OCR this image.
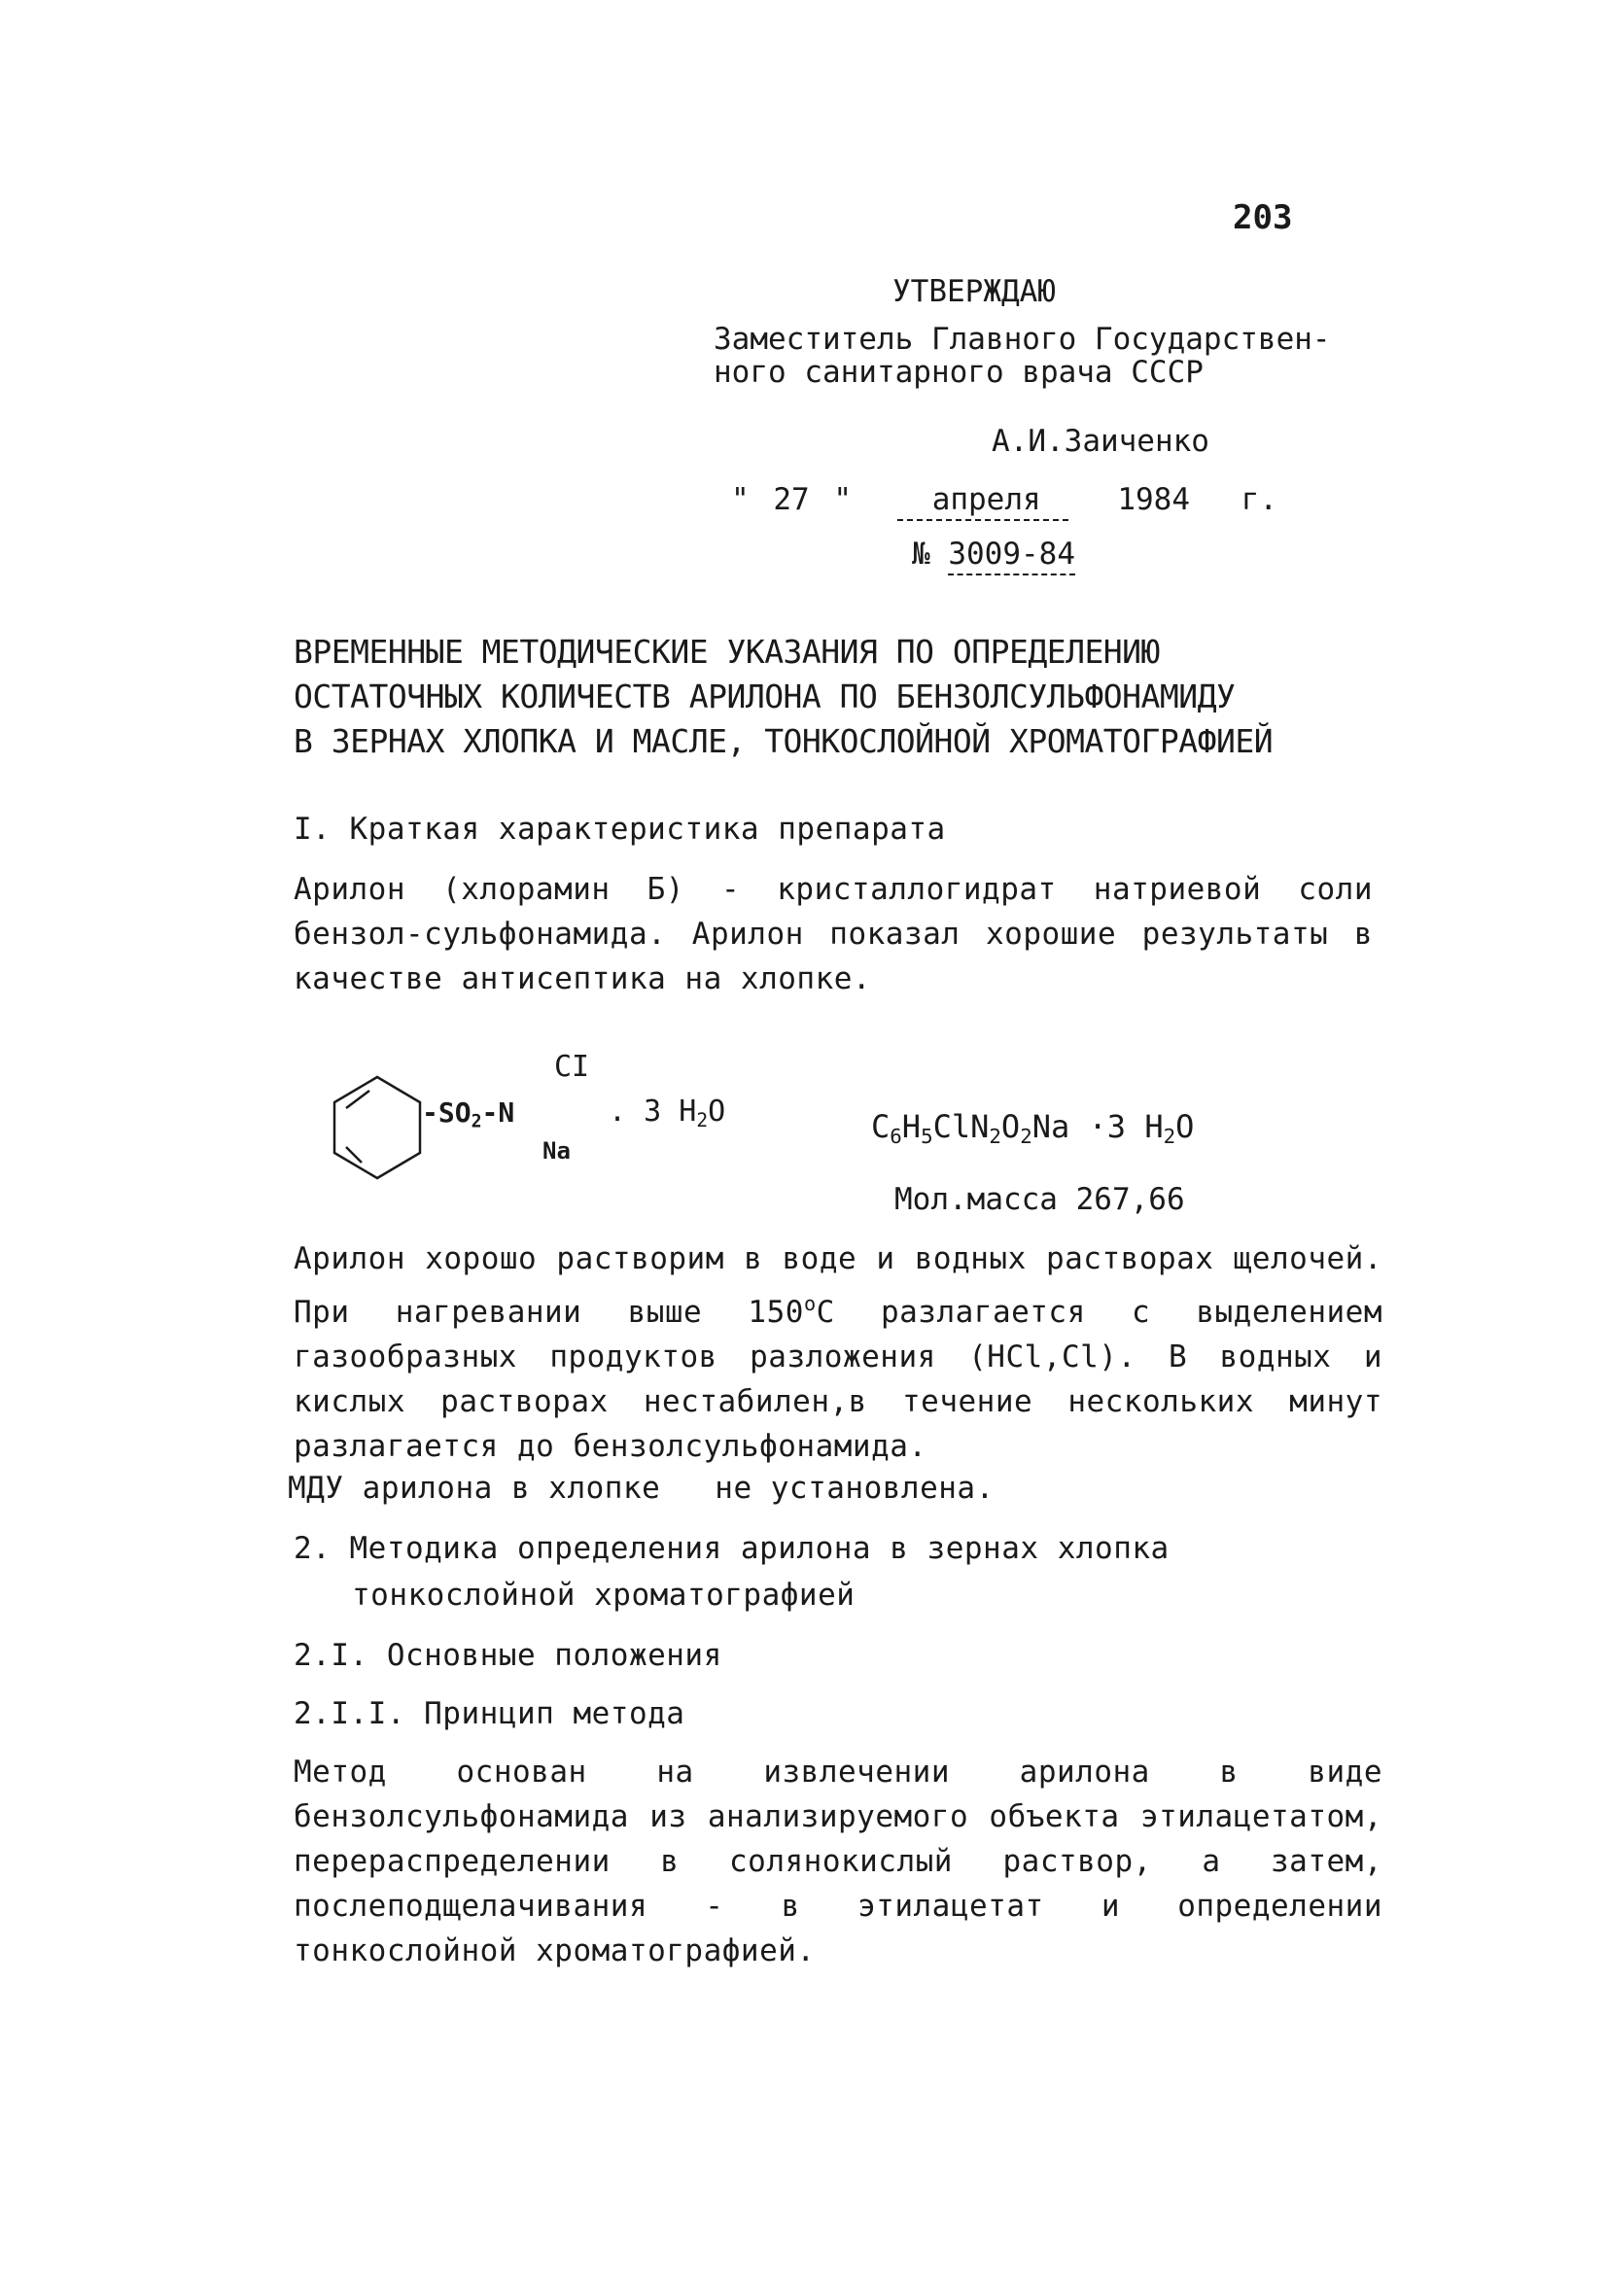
203
УТВЕРЖДАЮ
Заместитель Главного Государствен-
ного санитарного врача СССР
А.И.Заиченко
" 27 "	апреля	1984 г.
№ 3009-84
ВРЕМЕННЫЕ МЕТОДИЧЕСКИЕ УКАЗАНИЯ ПО ОПРЕДЕЛЕНИЮ
ОСТАТОЧНЫХ КОЛИЧЕСТВ АРИЛОНА ПО БЕНЗОЛСУЛЬФОНАМИДУ
В ЗЕРНАХ ХЛОПКА И МАСЛЕ, ТОНКОСЛОЙНОЙ ХРОМАТОГРАФИЕЙ
I. Краткая характеристика препарата
Арилон (хлорамин Б) - кристаллогидрат натриевой соли бензол-сульфонамида. Арилон показал хорошие результаты в качестве антисептика на хлопке.
CI
$-SO_2-N$
Na
. 3 $H_2O$	$C_6H_5ClN_2O_2Na \cdot 3$ $H_2O$
Мол.масса 267,66
Арилон хорошо растворим в воде и водных растворах щелочей. При нагревании выше $150^оС$ разлагается с выделением газообразных продуктов разложения (HCl,Cl). В водных и кислых растворах нестабилен,в течение нескольких минут разлагается до бензолсульфонамида.
МДУ арилона в хлопке не установлена.
2. Методика определения арилона в зернах хлопка
тонкослойной хроматографией
2.I. Основные положения
2.I.I. Принцип метода
Метод основан на извлечении арилона в виде бензолсульфонамида из анализируемого объекта этилацетатом, перераспределении в солянокислый раствор, а затем, послеподщелачивания - в этилацетат и определении тонкослойной хроматографией.
